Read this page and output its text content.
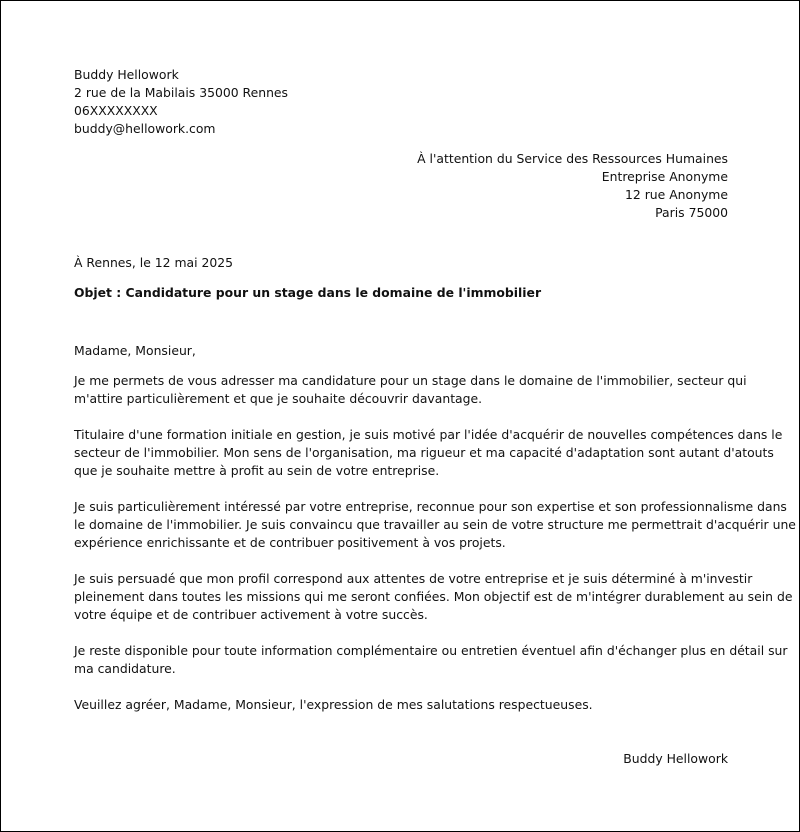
Buddy Hellowork
2 rue de la Mabilais 35000 Rennes
06XXXXXXXX
buddy@hellowork.com
À l'attention du Service des Ressources Humaines
Entreprise Anonyme
12 rue Anonyme
Paris 75000
À Rennes, le 12 mai 2025
Objet : Candidature pour un stage dans le domaine de l'immobilier
Madame, Monsieur,
Je me permets de vous adresser ma candidature pour un stage dans le domaine de l'immobilier, secteur qui
m'attire particulièrement et que je souhaite découvrir davantage.
Titulaire d'une formation initiale en gestion, je suis motivé par l'idée d'acquérir de nouvelles compétences dans le
secteur de l'immobilier. Mon sens de l'organisation, ma rigueur et ma capacité d'adaptation sont autant d'atouts
que je souhaite mettre à profit au sein de votre entreprise.
Je suis particulièrement intéressé par votre entreprise, reconnue pour son expertise et son professionnalisme dans
le domaine de l'immobilier. Je suis convaincu que travailler au sein de votre structure me permettrait d'acquérir une
expérience enrichissante et de contribuer positivement à vos projets.
Je suis persuadé que mon profil correspond aux attentes de votre entreprise et je suis déterminé à m'investir
pleinement dans toutes les missions qui me seront confiées. Mon objectif est de m'intégrer durablement au sein de
votre équipe et de contribuer activement à votre succès.
Je reste disponible pour toute information complémentaire ou entretien éventuel afin d'échanger plus en détail sur
ma candidature.
Veuillez agréer, Madame, Monsieur, l'expression de mes salutations respectueuses.
Buddy Hellowork
